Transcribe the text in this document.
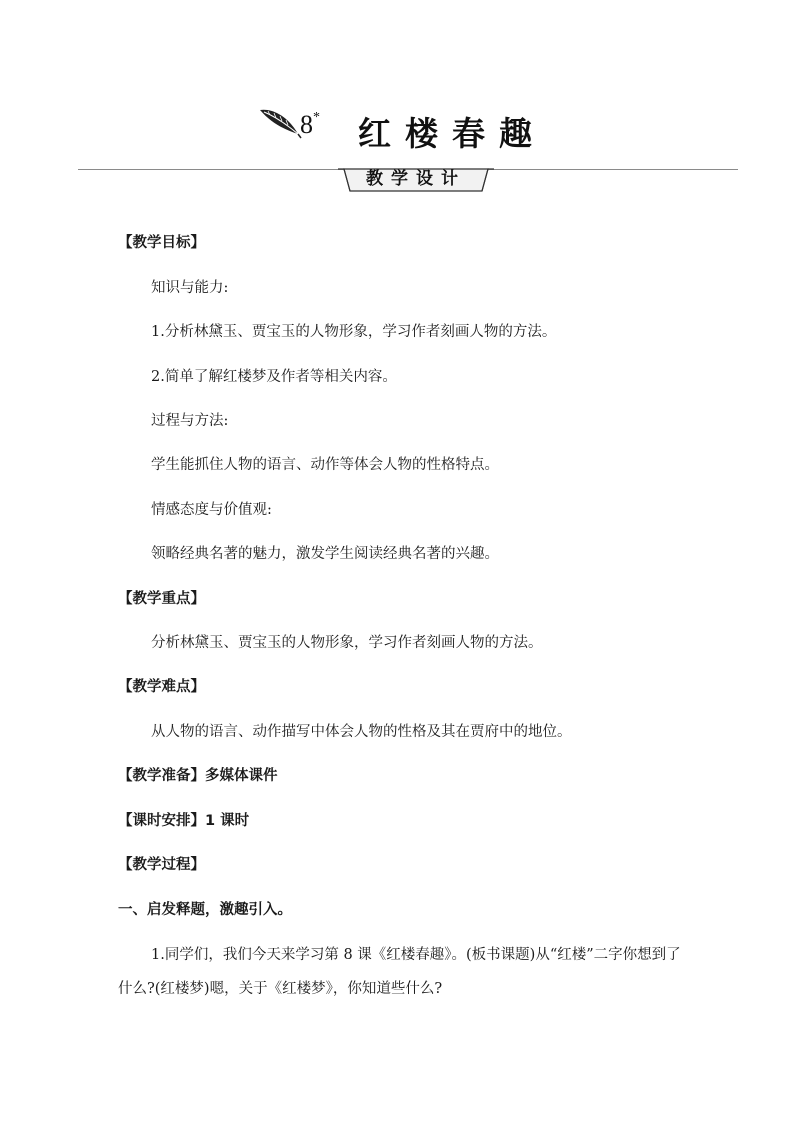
8* 红楼春趣
教学设计
【教学目标】
知识与能力:
1.分析林黛玉、贾宝玉的人物形象，学习作者刻画人物的方法。
2.简单了解红楼梦及作者等相关内容。
过程与方法:
学生能抓住人物的语言、动作等体会人物的性格特点。
情感态度与价值观:
领略经典名著的魅力，激发学生阅读经典名著的兴趣。
【教学重点】
分析林黛玉、贾宝玉的人物形象，学习作者刻画人物的方法。
【教学难点】
从人物的语言、动作描写中体会人物的性格及其在贾府中的地位。
【教学准备】多媒体课件
【课时安排】1 课时
【教学过程】
一、启发释题，激趣引入。
1.同学们，我们今天来学习第 8 课《红楼春趣》。(板书课题)从“红楼”二字你想到了什么?(红楼梦)嗯，关于《红楼梦》，你知道些什么?
